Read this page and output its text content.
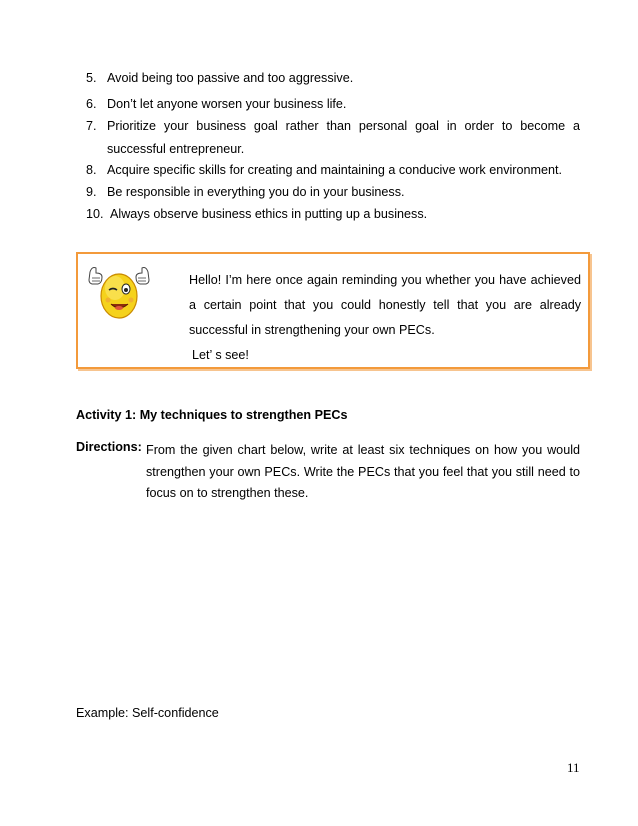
5. Avoid being too passive and too aggressive.
6. Don’t let anyone worsen your business life.
7. Prioritize your business goal rather than personal goal in order to become a successful entrepreneur.
8. Acquire specific skills for creating and maintaining a conducive work environment.
9. Be responsible in everything you do in your business.
10. Always observe business ethics in putting up a business.
Hello! I’m here once again reminding you whether you have achieved a certain point that you could honestly tell that you are already successful in strengthening your own PECs.
Let’ s see!
Activity 1: My techniques to strengthen PECs
Directions: From the given chart below, write at least six techniques on how you would strengthen your own PECs. Write the PECs that you feel that you still need to focus on to strengthen these.
Example: Self-confidence
11
